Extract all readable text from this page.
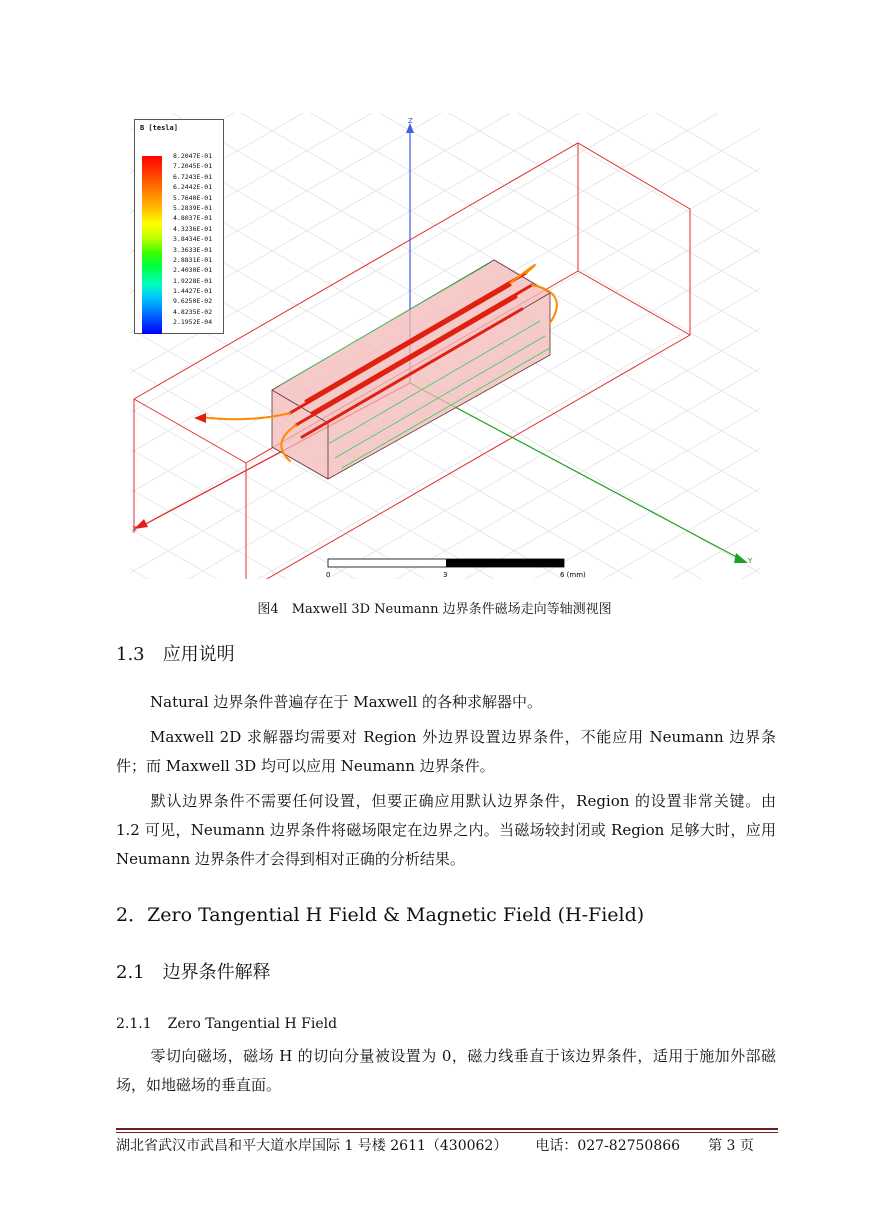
0	3	6 (mm)
Z
X
Y
B [tesla]
8.2047E-01
7.2045E-01
6.7243E-01
6.2442E-01
5.7640E-01
5.2839E-01
4.8037E-01
4.3236E-01
3.8434E-01
3.3633E-01
2.8831E-01
2.4030E-01
1.9228E-01
1.4427E-01
9.6250E-02
4.8235E-02
2.1952E-04
图4　Maxwell 3D Neumann 边界条件磁场走向等轴测视图
1.3 应用说明
Natural 边界条件普遍存在于 Maxwell 的各种求解器中。
Maxwell 2D 求解器均需要对 Region 外边界设置边界条件，不能应用 Neumann 边界条件；而 Maxwell 3D 均可以应用 Neumann 边界条件。
默认边界条件不需要任何设置，但要正确应用默认边界条件，Region 的设置非常关键。由 1.2 可见，Neumann 边界条件将磁场限定在边界之内。当磁场较封闭或 Region 足够大时，应用 Neumann 边界条件才会得到相对正确的分析结果。
2．Zero Tangential H Field & Magnetic Field (H-Field)
2.1 边界条件解释
2.1.1 Zero Tangential H Field
零切向磁场，磁场 H 的切向分量被设置为 0，磁力线垂直于该边界条件，适用于施加外部磁场，如地磁场的垂直面。
湖北省武汉市武昌和平大道水岸国际 1 号楼 2611（430062） 电话：027-82750866 第 3 页
